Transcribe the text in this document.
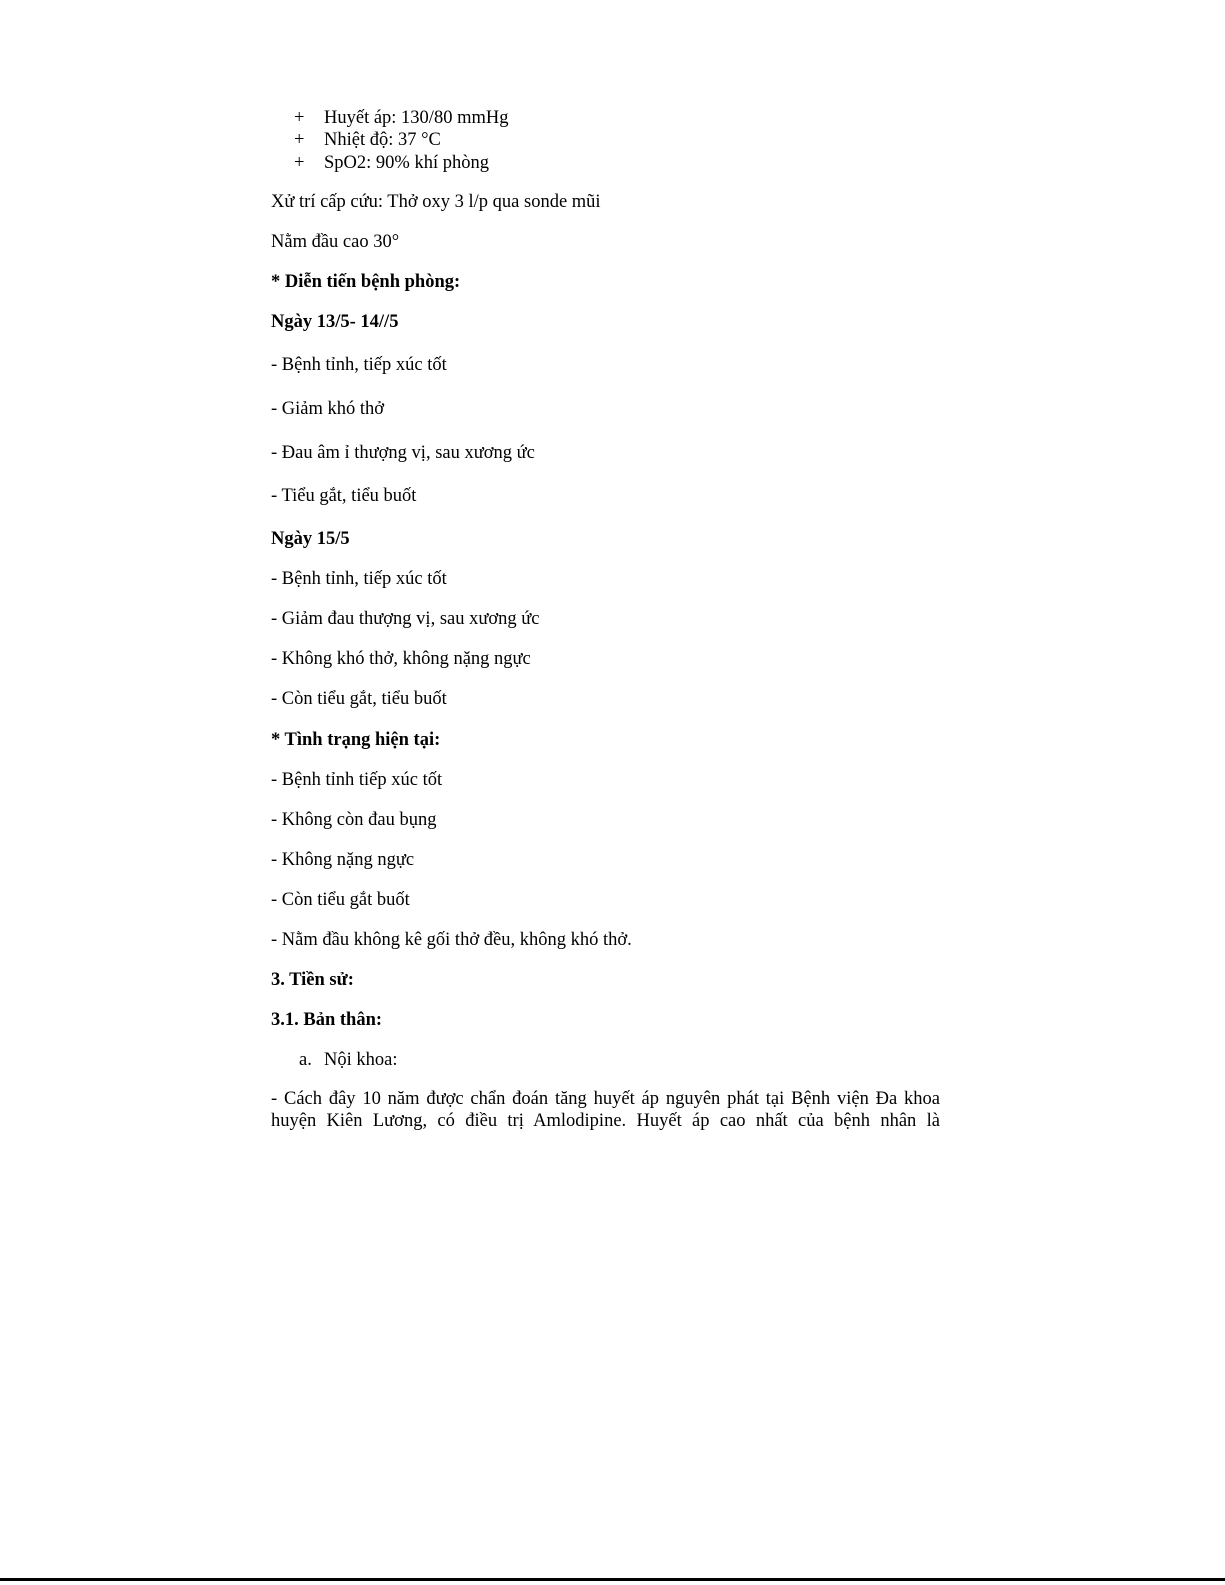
+ Huyết áp: 130/80 mmHg
+ Nhiệt độ: 37 °C
+ SpO2: 90% khí phòng
Xử trí cấp cứu: Thở oxy 3 l/p qua sonde mũi
Nằm đầu cao 30°
* Diễn tiến bệnh phòng:
Ngày 13/5- 14//5
- Bệnh tỉnh, tiếp xúc tốt
- Giảm khó thở
- Đau âm ỉ thượng vị, sau xương ức
- Tiểu gắt, tiểu buốt
Ngày 15/5
- Bệnh tỉnh, tiếp xúc tốt
- Giảm đau thượng vị, sau xương ức
- Không khó thở, không nặng ngực
- Còn tiểu gắt, tiểu buốt
* Tình trạng hiện tại:
- Bệnh tỉnh tiếp xúc tốt
- Không còn đau bụng
- Không nặng ngực
- Còn tiểu gắt buốt
- Nằm đầu không kê gối thở đều, không khó thở.
3. Tiền sử:
3.1. Bản thân:
a. Nội khoa:
- Cách đây 10 năm được chẩn đoán tăng huyết áp nguyên phát tại Bệnh viện Đa khoa
huyện Kiên Lương, có điều trị Amlodipine. Huyết áp cao nhất của bệnh nhân là
